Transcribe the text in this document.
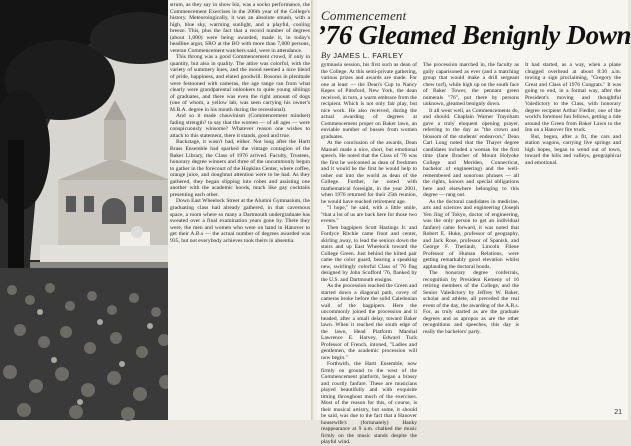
strum, as they say in show biz, was a socko performance, the Commencement Exercises in the 206th year of the College's history. Meteorologically, it was an absolute smash, with a high, blue sky, warming sunlight, and a playful, cooling breeze. This, plus the fact that a record number of degrees (about 1,000) were being awarded, made it, in today's headline argot, SRO at the BO with more than 7,000 persons, veteran Commencement watchers said, were in attendance.

This throng was a good Commencement crowd, if only in quantity, but also in quality. The attire was colorful, with the variety of summery hues, and the mood seemed a nice blend of pride, happiness, and elated goodwill. Bosoms in plenitude were festooned with cameras, the age range ran from what clearly were grandparental onlookers to quite young siblings of graduates, and there was even the right amount of dogs (one of whom, a yellow lab, was seen carrying his owner's M.B.A. degree in his mouth during the recessional).

And so it made chauvinism (Commencement mindset) fading strength? to say that the women — of all ages — were conspicuously winsome? Whatever reason one wishes to attach to this statement, there it stands, good and true.

Backstage, it wasn't bad, either. Not long after the Hartt Brass Ensemble had sparked the vintage contagion of the Baker Library, the Class of 1976 arrived. Faculty, Trustees, honorary degree winners and three of the uncommonly begun to gather in the forecourt of the Hopkins Center, where coffee, orange juice, and doughnut attention were to be had. As they gathered, they began slipping into robes and assisting one another with the academic hoods, much like gay cocktails presenting each other.

Down East Wheelock Street at the Alumni Gymnasium, the graduating class had already gathered, in that cavernous space, a room where so many a Dartmouth undergraduate has sweated over a final examination years gone by. There they were, the men and women who were on hand in Hanover to get their A.B.s — the actual number of degrees awarded was 935, but not everybody achieves took theirs in absentia.

Commencement
’76 Gleamed Benignly Down
By JAMES L. FARLEY

gymnasia session, his first such as dean of the College. At this semi-private gathering, various prizes and awards are made. For one at least — the Dean's Cup to Nancy Kepes of Pittsford, New York, the dean received, in turn, a warm embrace from the recipient. Which is not only fair play, but nice work. He also received, during the actual awarding of degrees at Commencement proper on Baker lawn, an enviable number of busses from women graduates.

At the conclusion of the awards, Dean Manuel made a nice, short, but emotional speech. He noted that the Class of '76 was the first he welcomed as dean of freshmen and it would be the first he would help to usher out into the world as dean of the College. Further, he noted with mathematical foresight, in the year 2001, when 1976 returned for their 25th reunion, he would have reached retirement age.

"I hope," he said, with a little smile, "that a lot of us are back here for those two events."

Then bagpipers Scott Hastings Jr. and Fordyce Ritchie came front and center, skirling away, to lead the seniors down the stairs and up East Wheelock toward the College Green. Just behind the kilted pair came the color guard, bearing a speaking new, swirlingly colorful Class of '76 flag designed by John Scofford '76, flanked by the U.S. and Dartmouth ensigns.

As the procession reached the Green and started down a diagonal path, covey of cameras broke before the solid Caledonian wall of the bagpipers. Here the uncommonly joined the procession and it headed, after a small delay, toward Baker lawn. When it reached the south edge of the lawn, Head Platform Marshal Lawrence E. Harvey, Edward Tuck Professor of French, intoned, "Ladies and gentlemen, the academic procession will now begin."

Forthwith, the Hartt Ensemble, now firmly on ground to the west of the Commencement platform, began a brassy and courtly fanfare. These are musicians played beautifully and with exquisite timing throughout much of the exercises. Most of the reason for this, of course, is their musical artistry, but some, it should be said, was due to the fact that a Hanover housewife's (fortunately) Hanky reappearance at 9 a.m. chalked the music firmly on the music stands despite the playful wind.

The procession marched in, the faculty as gaily caparisoned as ever (and a matching group that would make a drill sergeant chew turf), while high up on the south face of Baker Tower, the pennant green numerals "76", put there by persons unknown, gleamed benignly down.

It all went well, as Commencements do, and should. Chaplain Warner Traynham gave a truly eloquent opening prayer, referring to the day as "the crown and blossom of the students' endeavors." Dean Carl Long noted that the Thayer degree candidates included a woman for the first time (Jane Bracher of Mount Holyoke College and Meriden, Connecticut, bachelor of engineering) and the well-remembered and sonorous phrases — all the rights, honors and special obligations here and elsewhere belonging to this degree — rang out.

As the doctoral candidates in medicine, arts and sciences and engineering (Joseph Yen Jing of Tokyo, doctor of engineering, was the only person to get an individual fanfare) came forward, it was noted that Robert E. Huke, professor of geography, and Jack Rose, professor of Spanish, and George F. Theriault, Lincoln Filene Professor of Human Relations, were getting remarkably good elevation whilst applauding the doctoral hoods.

The honorary degree conferrals, recognition by President Kemeny of 16 retiring members of the College, and the Senior Valedictory by Jeffrey W. Baker, scholar and athlete, all preceded the real event of the day, the awarding of the A.B.s. For, as truly started as are the graduate degrees and as apropos as are the other recognitions and speeches, this day is really the bachelors' party.

It had started, as a way, when a plane chugged overhead at about 8:30 a.m. towing a sign proclaiming, "Gregory the Great and Class of 1976 Congrats." It was going to end, in a formal way, after the President's moving and thoughtful Valedictory to the Class, with honorary degree recipient Arthur Fiedler, one of the world's foremost fun fellows, getting a ride around the Green from Baker Lawn to the Inn on a Hanover fire truck.

But, begun, after a fit, the cars and station wagons, carrying live springs and high hopes, began to wend out of town, toward the hills and valleys, geographical and emotional.

21
